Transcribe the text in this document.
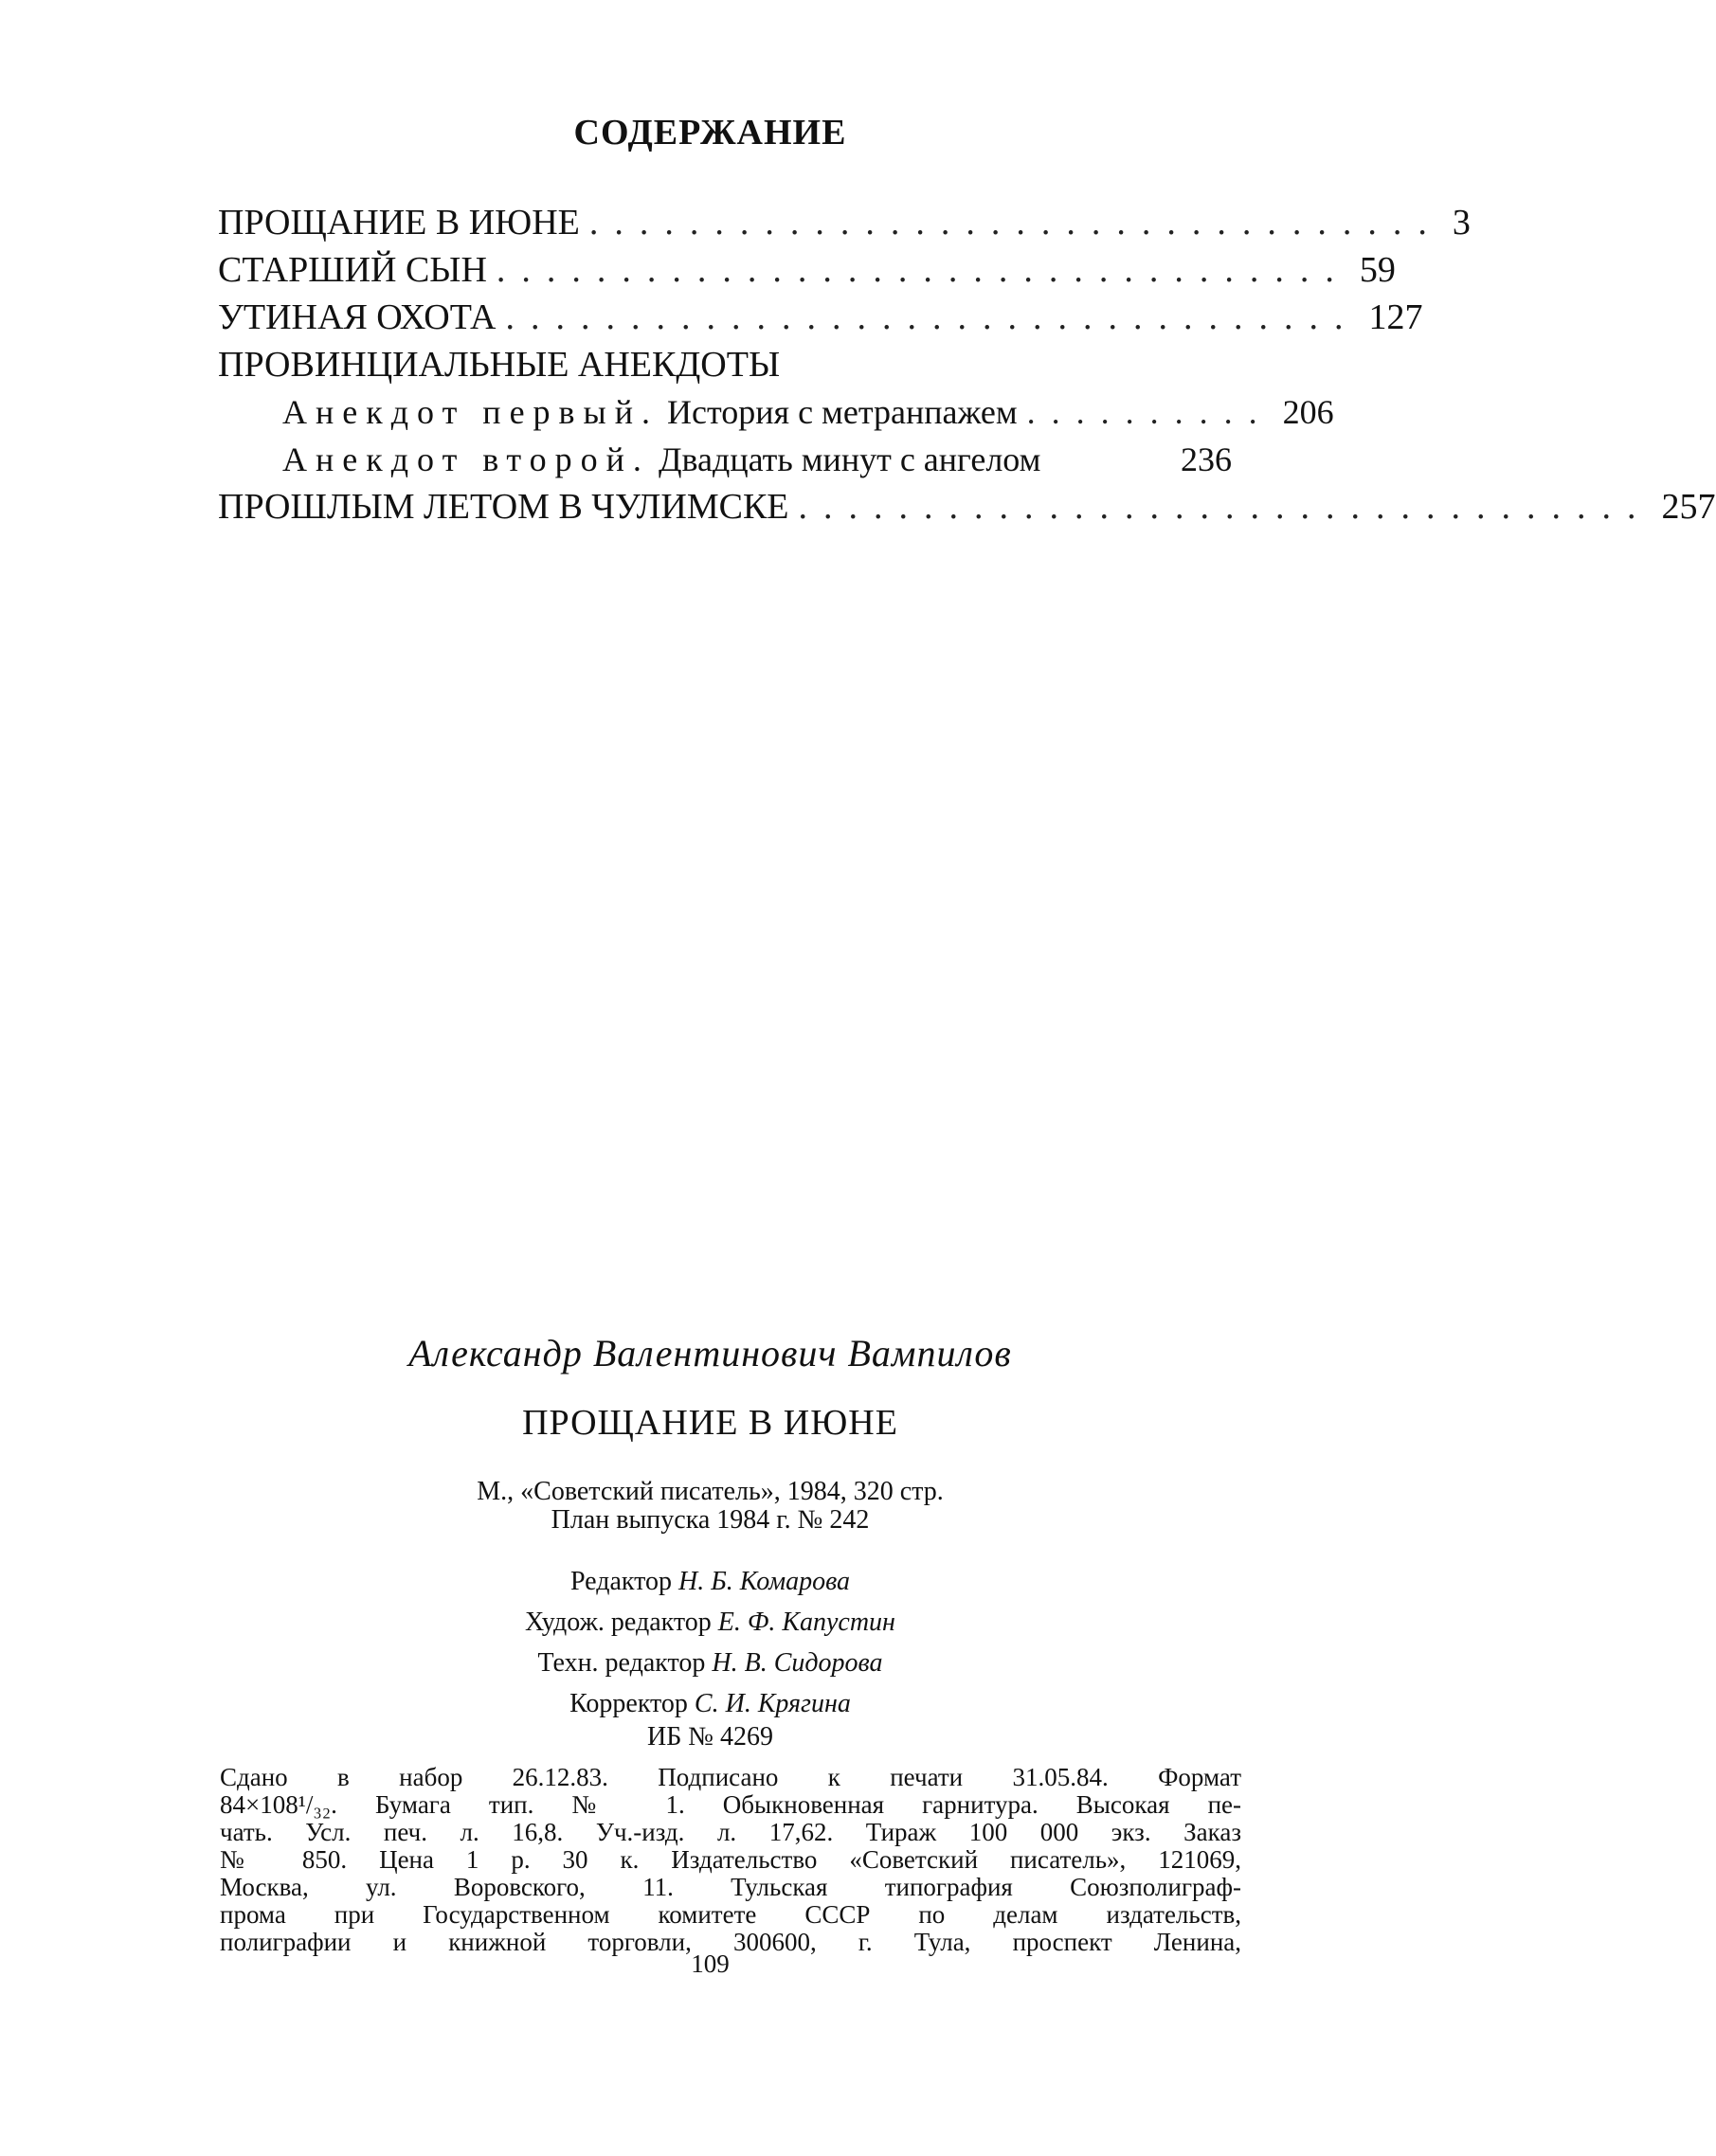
СОДЕРЖАНИЕ
ПРОЩАНИЕ В ИЮНЕ .................................. 3
СТАРШИЙ СЫН .................................. 59
УТИНАЯ ОХОТА .................................. 127
ПРОВИНЦИАЛЬНЫЕ АНЕКДОТЫ
Анекдот первый. История с метранпажем .......... 206
Анекдот второй. Двадцать минут с ангелом	236
ПРОШЛЫМ ЛЕТОМ В ЧУЛИМСКЕ .................................. 257
Александр Валентинович Вампилов
ПРОЩАНИЕ В ИЮНЕ
М., «Советский писатель», 1984, 320 стр.
План выпуска 1984 г. № 242
Редактор Н. Б. Комарова
Худож. редактор Е. Ф. Капустин
Техн. редактор Н. В. Сидорова
Корректор С. И. Крягина
ИБ № 4269
Сдано в набор 26.12.83. Подписано к печати 31.05.84. Формат
84×108¹/₃₂. Бумага тип. № 1. Обыкновенная гарнитура. Высокая пе-
чать. Усл. печ. л. 16,8. Уч.-изд. л. 17,62. Тираж 100 000 экз. Заказ
№ 850. Цена 1 р. 30 к. Издательство «Советский писатель», 121069,
Москва, ул. Воровского, 11. Тульская типография Союзполиграф-
прома при Государственном комитете СССР по делам издательств,
полиграфии и книжной торговли, 300600, г. Тула, проспект Ленина,
109
